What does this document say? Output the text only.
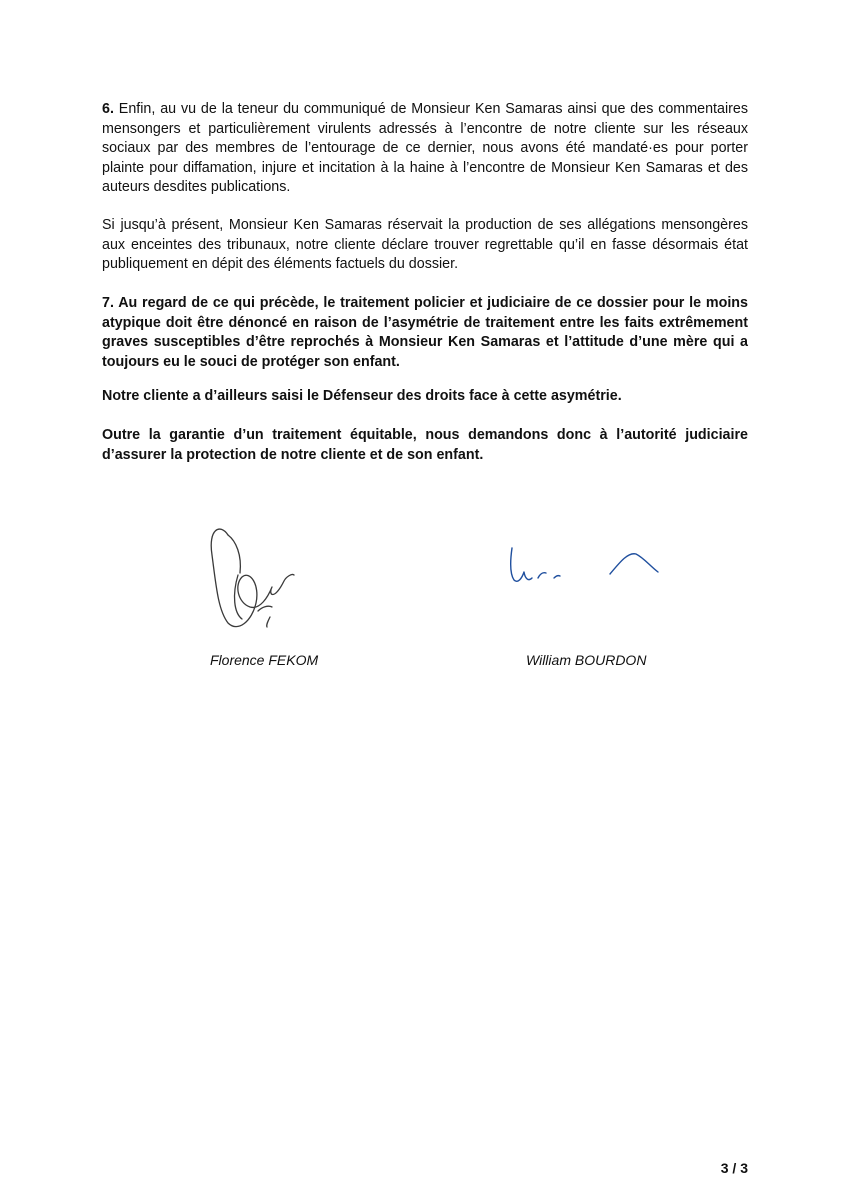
6. Enfin, au vu de la teneur du communiqué de Monsieur Ken Samaras ainsi que des commentaires mensongers et particulièrement virulents adressés à l’encontre de notre cliente sur les réseaux sociaux par des membres de l’entourage de ce dernier, nous avons été mandaté·es pour porter plainte pour diffamation, injure et incitation à la haine à l’encontre de Monsieur Ken Samaras et des auteurs desdites publications.

Si jusqu’à présent, Monsieur Ken Samaras réservait la production de ses allégations mensongères aux enceintes des tribunaux, notre cliente déclare trouver regrettable qu’il en fasse désormais état publiquement en dépit des éléments factuels du dossier.

7. Au regard de ce qui précède, le traitement policier et judiciaire de ce dossier pour le moins atypique doit être dénoncé en raison de l’asymétrie de traitement entre les faits extrêmement graves susceptibles d’être reprochés à Monsieur Ken Samaras et l’attitude d’une mère qui a toujours eu le souci de protéger son enfant.

Notre cliente a d’ailleurs saisi le Défenseur des droits face à cette asymétrie.

Outre la garantie d’un traitement équitable, nous demandons donc à l’autorité judiciaire d’assurer la protection de notre cliente et de son enfant.

Florence FEKOM	William BOURDON
3 / 3
